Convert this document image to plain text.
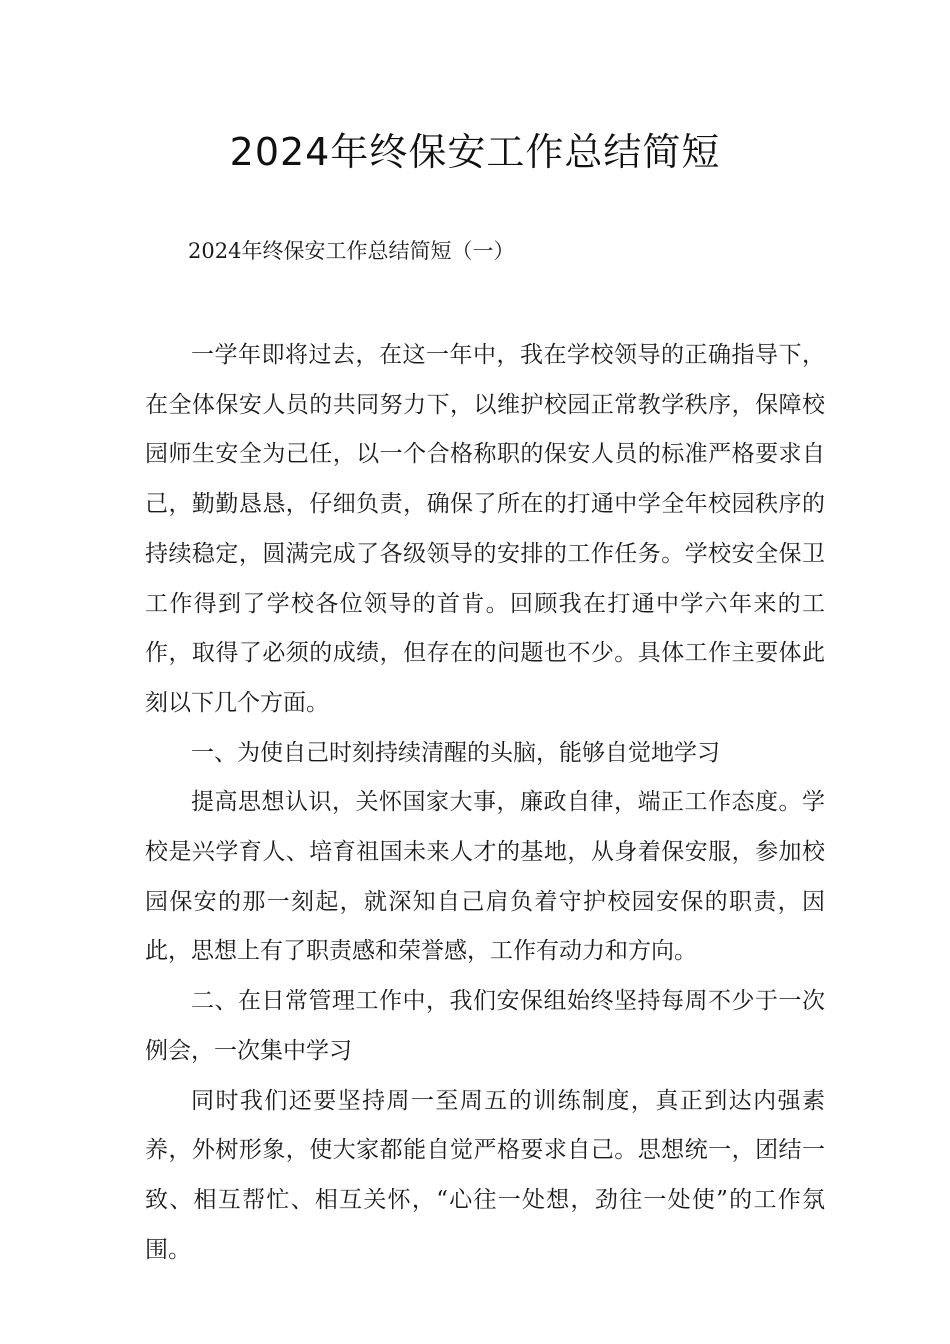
2024年终保安工作总结简短
2024年终保安工作总结简短（一）

一学年即将过去，在这一年中，我在学校领导的正确指导下，在全体保安人员的共同努力下，以维护校园正常教学秩序，保障校园师生安全为己任，以一个合格称职的保安人员的标准严格要求自己，勤勤恳恳，仔细负责，确保了所在的打通中学全年校园秩序的持续稳定，圆满完成了各级领导的安排的工作任务。学校安全保卫工作得到了学校各位领导的首肯。回顾我在打通中学六年来的工作，取得了必须的成绩，但存在的问题也不少。具体工作主要体此刻以下几个方面。

一、为使自己时刻持续清醒的头脑，能够自觉地学习

提高思想认识，关怀国家大事，廉政自律，端正工作态度。学校是兴学育人、培育祖国未来人才的基地，从身着保安服，参加校园保安的那一刻起，就深知自己肩负着守护校园安保的职责，因此，思想上有了职责感和荣誉感，工作有动力和方向。

二、在日常管理工作中，我们安保组始终坚持每周不少于一次例会，一次集中学习

同时我们还要坚持周一至周五的训练制度，真正到达内强素养，外树形象，使大家都能自觉严格要求自己。思想统一，团结一致、相互帮忙、相互关怀，“心往一处想，劲往一处使”的工作氛围。
